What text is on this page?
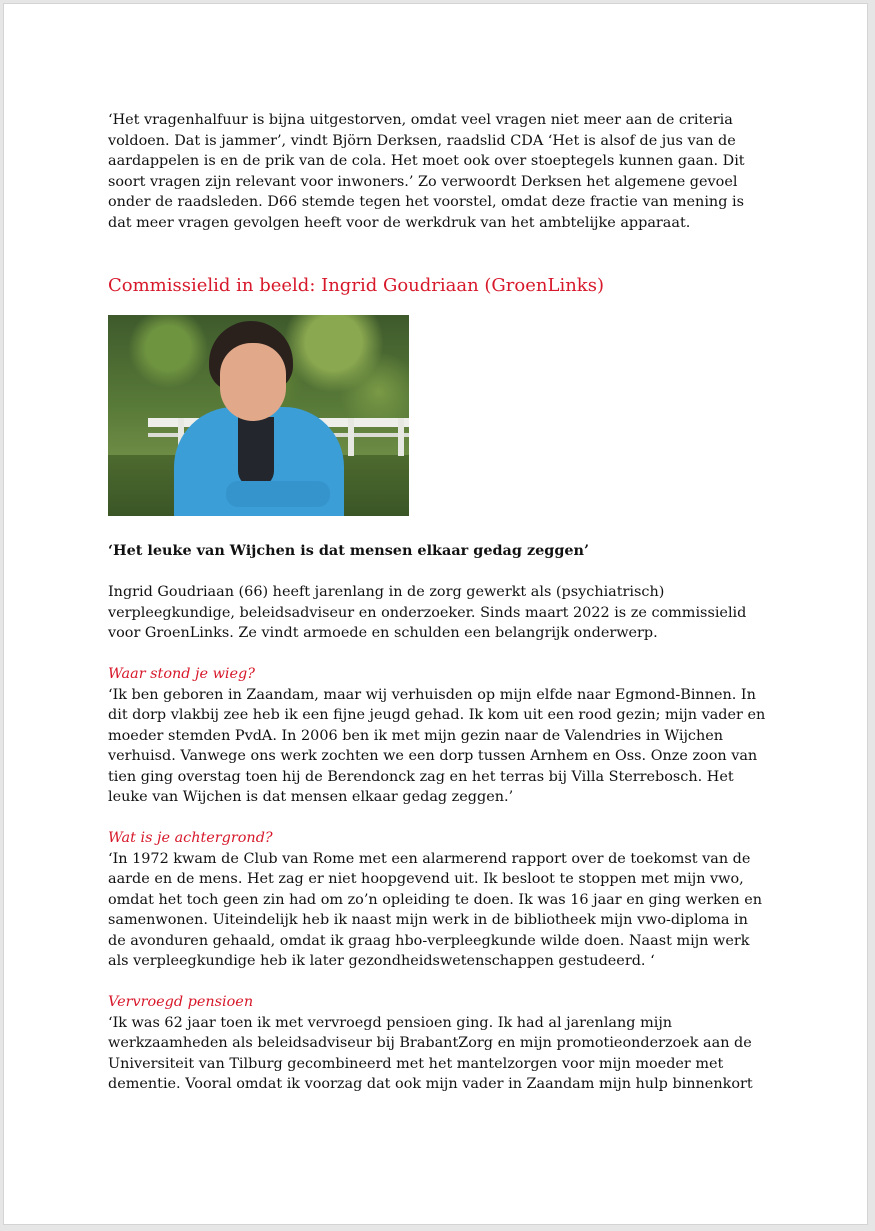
‘Het vragenhalfuur is bijna uitgestorven, omdat veel vragen niet meer aan de criteria voldoen. Dat is jammer’, vindt Björn Derksen, raadslid CDA ‘Het is alsof de jus van de aardappelen is en de prik van de cola. Het moet ook over stoeptegels kunnen gaan. Dit soort vragen zijn relevant voor inwoners.’ Zo verwoordt Derksen het algemene gevoel onder de raadsleden. D66 stemde tegen het voorstel, omdat deze fractie van mening is dat meer vragen gevolgen heeft voor de werkdruk van het ambtelijke apparaat.

Commissielid in beeld: Ingrid Goudriaan (GroenLinks)

‘Het leuke van Wijchen is dat mensen elkaar gedag zeggen’

Ingrid Goudriaan (66) heeft jarenlang in de zorg gewerkt als (psychiatrisch) verpleegkundige, beleidsadviseur en onderzoeker. Sinds maart 2022 is ze commissielid voor GroenLinks. Ze vindt armoede en schulden een belangrijk onderwerp.

Waar stond je wieg?

‘Ik ben geboren in Zaandam, maar wij verhuisden op mijn elfde naar Egmond-Binnen. In dit dorp vlakbij zee heb ik een fijne jeugd gehad. Ik kom uit een rood gezin; mijn vader en moeder stemden PvdA. In 2006 ben ik met mijn gezin naar de Valendries in Wijchen verhuisd. Vanwege ons werk zochten we een dorp tussen Arnhem en Oss. Onze zoon van tien ging overstag toen hij de Berendonck zag en het terras bij Villa Sterrebosch. Het leuke van Wijchen is dat mensen elkaar gedag zeggen.’

Wat is je achtergrond?

‘In 1972 kwam de Club van Rome met een alarmerend rapport over de toekomst van de aarde en de mens. Het zag er niet hoopgevend uit. Ik besloot te stoppen met mijn vwo, omdat het toch geen zin had om zo’n opleiding te doen. Ik was 16 jaar en ging werken en samenwonen. Uiteindelijk heb ik naast mijn werk in de bibliotheek mijn vwo-diploma in de avonduren gehaald, omdat ik graag hbo-verpleegkunde wilde doen. Naast mijn werk als verpleegkundige heb ik later gezondheidswetenschappen gestudeerd. ‘

Vervroegd pensioen

‘Ik was 62 jaar toen ik met vervroegd pensioen ging. Ik had al jarenlang mijn werkzaamheden als beleidsadviseur bij BrabantZorg en mijn promotieonderzoek aan de Universiteit van Tilburg gecombineerd met het mantelzorgen voor mijn moeder met dementie. Vooral omdat ik voorzag dat ook mijn vader in Zaandam mijn hulp binnenkort
